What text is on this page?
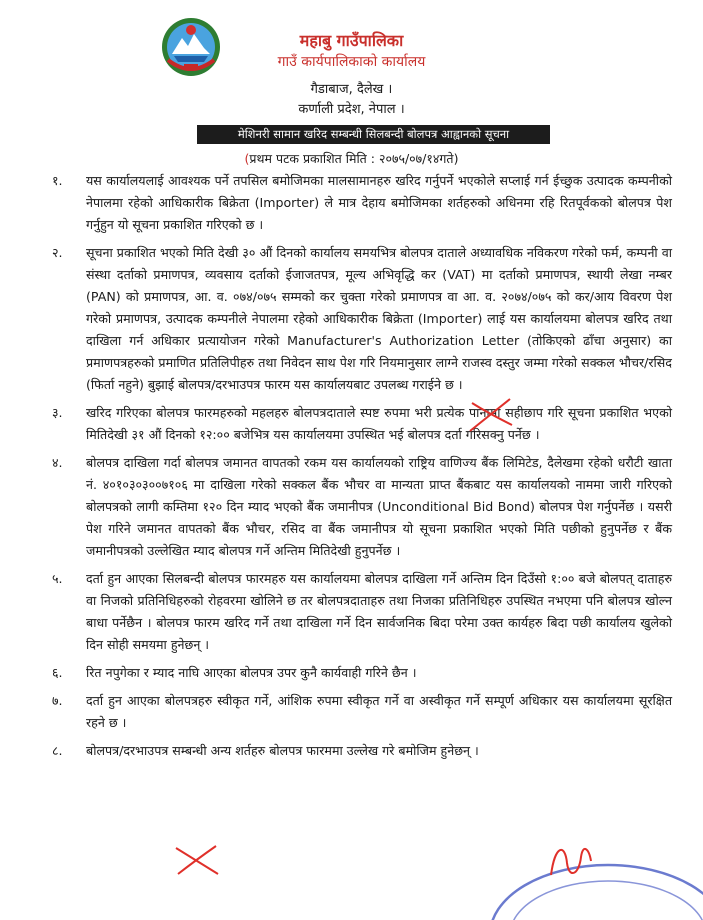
महाबु गाउँपालिका
गाउँ कार्यपालिकाको कार्यालय
गैडाबाज, दैलेख ।
कर्णाली प्रदेश, नेपाल ।
मेशिनरी सामान खरिद सम्बन्धी सिलबन्दी बोलपत्र आह्वानको सूचना
(प्रथम पटक प्रकाशित मिति : २०७५/०७/१४गते)
१. यस कार्यालयलाई आवश्यक पर्ने तपसिल बमोजिमका मालसामानहरु खरिद गर्नुपर्ने भएकोले सप्लाई गर्न ईच्छुक उत्पादक कम्पनीको नेपालमा रहेको आधिकारीक बिक्रेता (Importer) ले मात्र देहाय बमोजिमका शर्तहरुको अधिनमा रहि रितपूर्वकको बोलपत्र पेश गर्नुहुन यो सूचना प्रकाशित गरिएको छ ।
२. सूचना प्रकाशित भएको मिति देखी ३० औं दिनको कार्यालय समयभित्र बोलपत्र दाताले अध्यावधिक नविकरण गरेको फर्म, कम्पनी वा संस्था दर्ताको प्रमाणपत्र, व्यवसाय दर्ताको ईजाजतपत्र, मूल्य अभिवृद्धि कर (VAT) मा दर्ताको प्रमाणपत्र, स्थायी लेखा नम्बर (PAN) को प्रमाणपत्र, आ. व. ०७४/०७५ सम्मको कर चुक्ता गरेको प्रमाणपत्र वा आ. व. २०७४/०७५ को कर/आय विवरण पेश गरेको प्रमाणपत्र, उत्पादक कम्पनीले नेपालमा रहेको आधिकारीक बिक्रेता (Importer) लाई यस कार्यालयमा बोलपत्र खरिद तथा दाखिला गर्न अधिकार प्रत्यायोजन गरेको Manufacturer's Authorization Letter (तोकिएको ढाँचा अनुसार) का प्रमाणपत्रहरुको प्रमाणित प्रतिलिपीहरु तथा निवेदन साथ पेश गरि नियमानुसार लाग्ने राजस्व दस्तुर जम्मा गरेको सक्कल भौचर/रसिद (फिर्ता नहुने) बुझाई बोलपत्र/दरभाउपत्र फारम यस कार्यालयबाट उपलब्ध गराईने छ ।
३. खरिद गरिएका बोलपत्र फारमहरुको महलहरु बोलपत्रदाताले स्पष्ट रुपमा भरी प्रत्येक पानामा सहीछाप गरि सूचना प्रकाशित भएको मितिदेखी ३१ औं दिनको १२:०० बजेभित्र यस कार्यालयमा उपस्थित भई बोलपत्र दर्ता गरिसक्नु पर्नेछ ।
४. बोलपत्र दाखिला गर्दा बोलपत्र जमानत वापतको रकम यस कार्यालयको राष्ट्रिय वाणिज्य बैंक लिमिटेड, दैलेखमा रहेको धरौटी खाता नं. ४०१०३०३००७१०६ मा दाखिला गरेको सक्कल बैंक भौचर वा मान्यता प्राप्त बैंकबाट यस कार्यालयको नाममा जारी गरिएको बोलपत्रको लागी कम्तिमा १२० दिन म्याद भएको बैंक जमानीपत्र (Unconditional Bid Bond) बोलपत्र पेश गर्नुपर्नेछ । यसरी पेश गरिने जमानत वापतको बैंक भौचर, रसिद वा बैंक जमानीपत्र यो सूचना प्रकाशित भएको मिति पछीको हुनुपर्नेछ र बैंक जमानीपत्रको उल्लेखित म्याद बोलपत्र गर्ने अन्तिम मितिदेखी हुनुपर्नेछ ।
५. दर्ता हुन आएका सिलबन्दी बोलपत्र फारमहरु यस कार्यालयमा बोलपत्र दाखिला गर्ने अन्तिम दिन दिउँसो १:०० बजे बोलपत् दाताहरु वा निजको प्रतिनिधिहरुको रोहवरमा खोलिने छ तर बोलपत्रदाताहरु तथा निजका प्रतिनिधिहरु उपस्थित नभएमा पनि बोलपत्र खोल्न बाधा पर्नेछैन । बोलपत्र फारम खरिद गर्ने तथा दाखिला गर्ने दिन सार्वजनिक बिदा परेमा उक्त कार्यहरु बिदा पछी कार्यालय खुलेको दिन सोही समयमा हुनेछन् ।
६. रित नपुगेका र म्याद नाघि आएका बोलपत्र उपर कुनै कार्यवाही गरिने छैन ।
७. दर्ता हुन आएका बोलपत्रहरु स्वीकृत गर्ने, आंशिक रुपमा स्वीकृत गर्ने वा अस्वीकृत गर्ने सम्पूर्ण अधिकार यस कार्यालयमा सूरक्षित रहने छ ।
८. बोलपत्र/दरभाउपत्र सम्बन्धी अन्य शर्तहरु बोलपत्र फारममा उल्लेख गरे बमोजिम हुनेछन् ।
